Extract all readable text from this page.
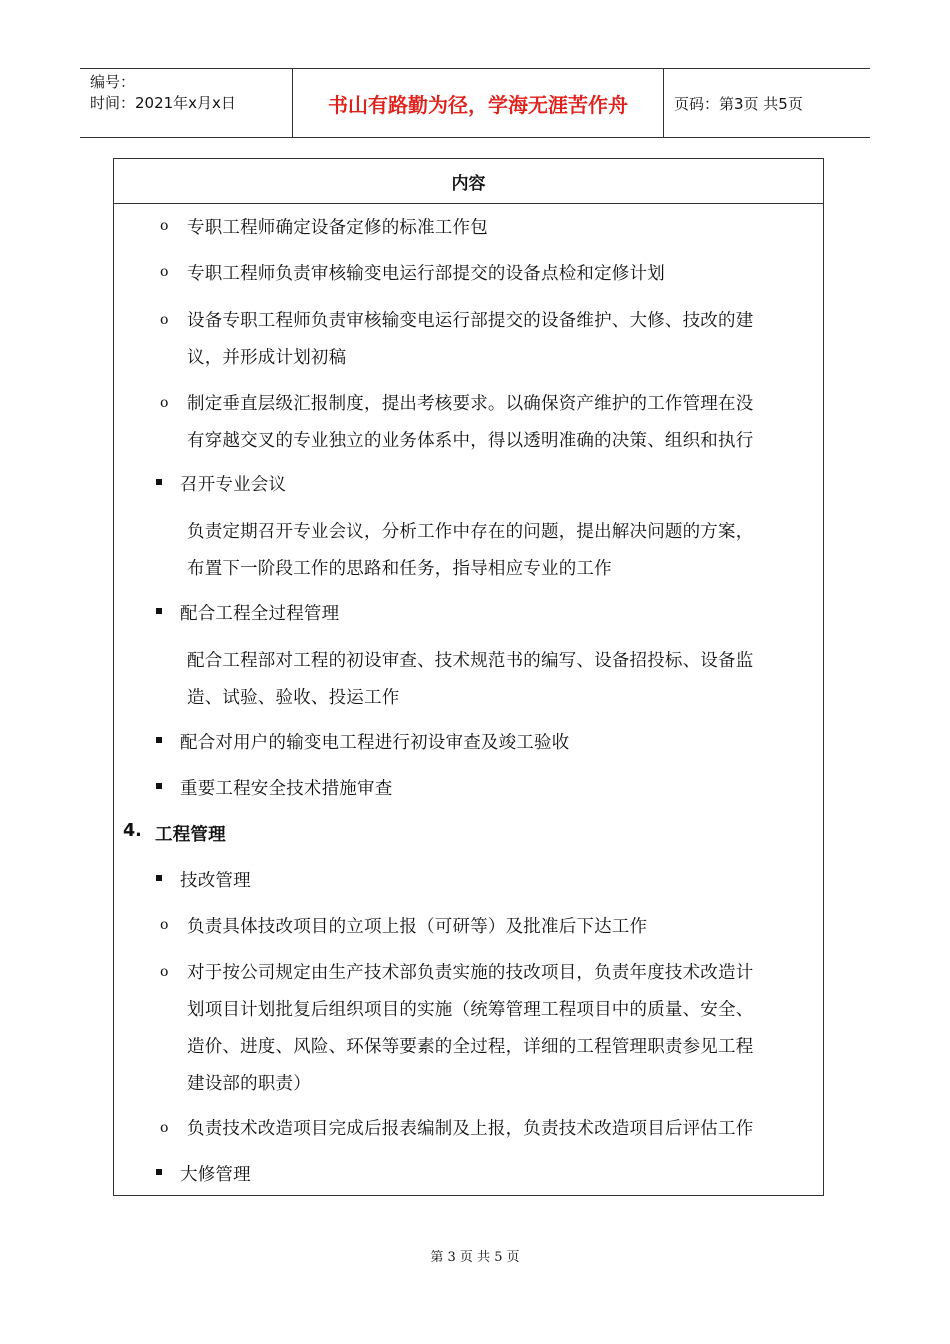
编号：
时间：2021年x月x日	书山有路勤为径，学海无涯苦作舟	页码：第3页 共5页
内容
o 专职工程师确定设备定修的标准工作包
o 专职工程师负责审核输变电运行部提交的设备点检和定修计划
o 设备专职工程师负责审核输变电运行部提交的设备维护、大修、技改的建
议，并形成计划初稿
o 制定垂直层级汇报制度，提出考核要求。以确保资产维护的工作管理在没
有穿越交叉的专业独立的业务体系中，得以透明准确的决策、组织和执行
召开专业会议
负责定期召开专业会议，分析工作中存在的问题，提出解决问题的方案，
布置下一阶段工作的思路和任务，指导相应专业的工作
配合工程全过程管理
配合工程部对工程的初设审查、技术规范书的编写、设备招投标、设备监
造、试验、验收、投运工作
配合对用户的输变电工程进行初设审查及竣工验收
重要工程安全技术措施审查
4. 工程管理
技改管理
o 负责具体技改项目的立项上报（可研等）及批准后下达工作
o 对于按公司规定由生产技术部负责实施的技改项目，负责年度技术改造计
划项目计划批复后组织项目的实施（统筹管理工程项目中的质量、安全、
造价、进度、风险、环保等要素的全过程，详细的工程管理职责参见工程
建设部的职责）
o 负责技术改造项目完成后报表编制及上报，负责技术改造项目后评估工作
大修管理
第 3 页 共 5 页
